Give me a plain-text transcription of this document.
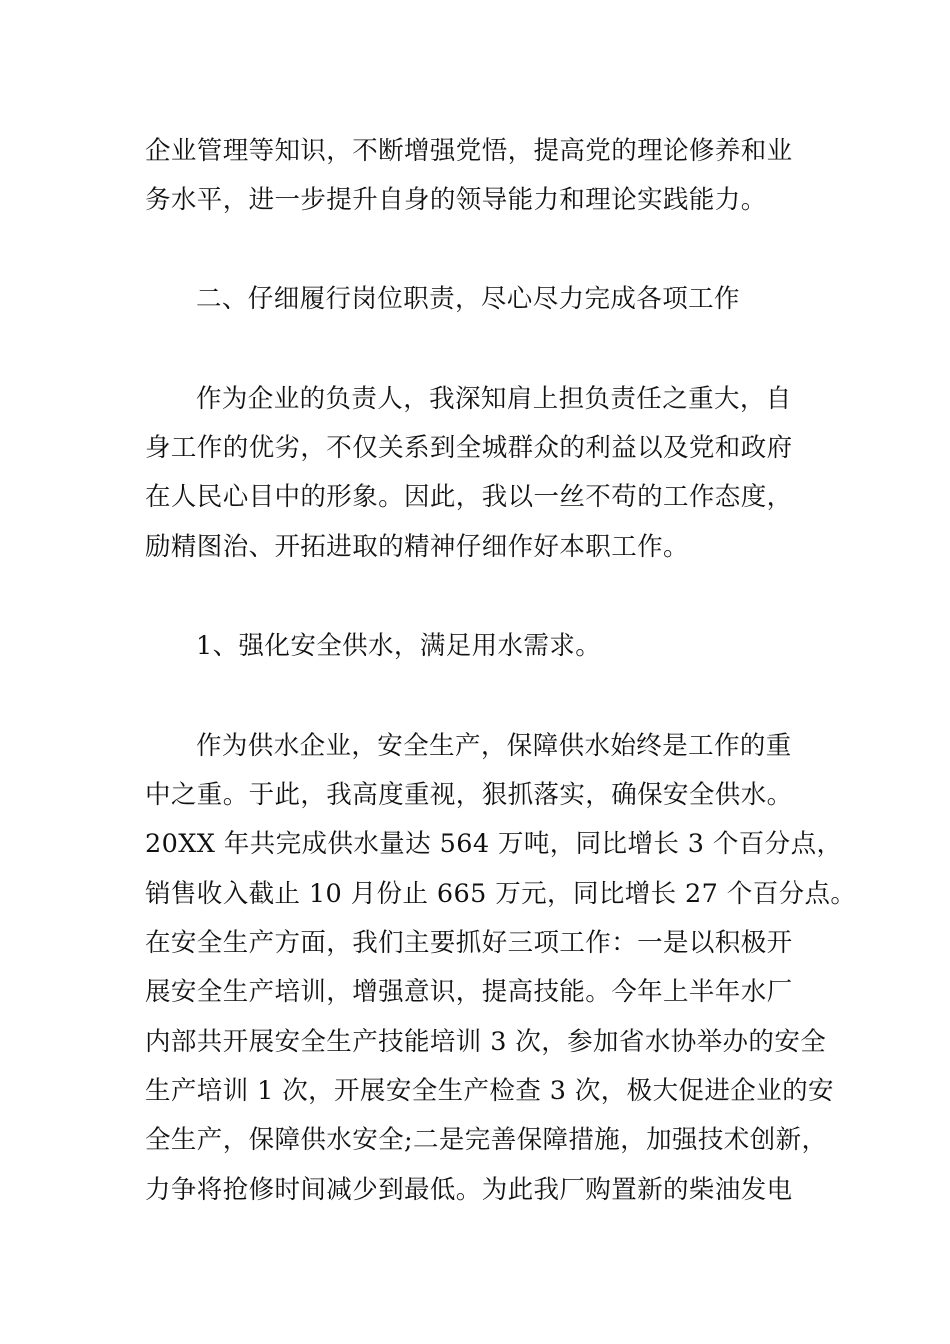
企业管理等知识，不断增强党悟，提高党的理论修养和业
务水平，进一步提升自身的领导能力和理论实践能力。
二、仔细履行岗位职责，尽心尽力完成各项工作
作为企业的负责人，我深知肩上担负责任之重大，自
身工作的优劣，不仅关系到全城群众的利益以及党和政府
在人民心目中的形象。因此，我以一丝不苟的工作态度，
励精图治、开拓进取的精神仔细作好本职工作。
1、强化安全供水，满足用水需求。
作为供水企业，安全生产，保障供水始终是工作的重
中之重。于此，我高度重视，狠抓落实，确保安全供水。
20XX 年共完成供水量达 564 万吨，同比增长 3 个百分点，
销售收入截止 10 月份止 665 万元，同比增长 27 个百分点。
在安全生产方面，我们主要抓好三项工作：一是以积极开
展安全生产培训，增强意识，提高技能。今年上半年水厂
内部共开展安全生产技能培训 3 次，参加省水协举办的安全
生产培训 1 次，开展安全生产检查 3 次，极大促进企业的安
全生产，保障供水安全;二是完善保障措施，加强技术创新，
力争将抢修时间减少到最低。为此我厂购置新的柴油发电
